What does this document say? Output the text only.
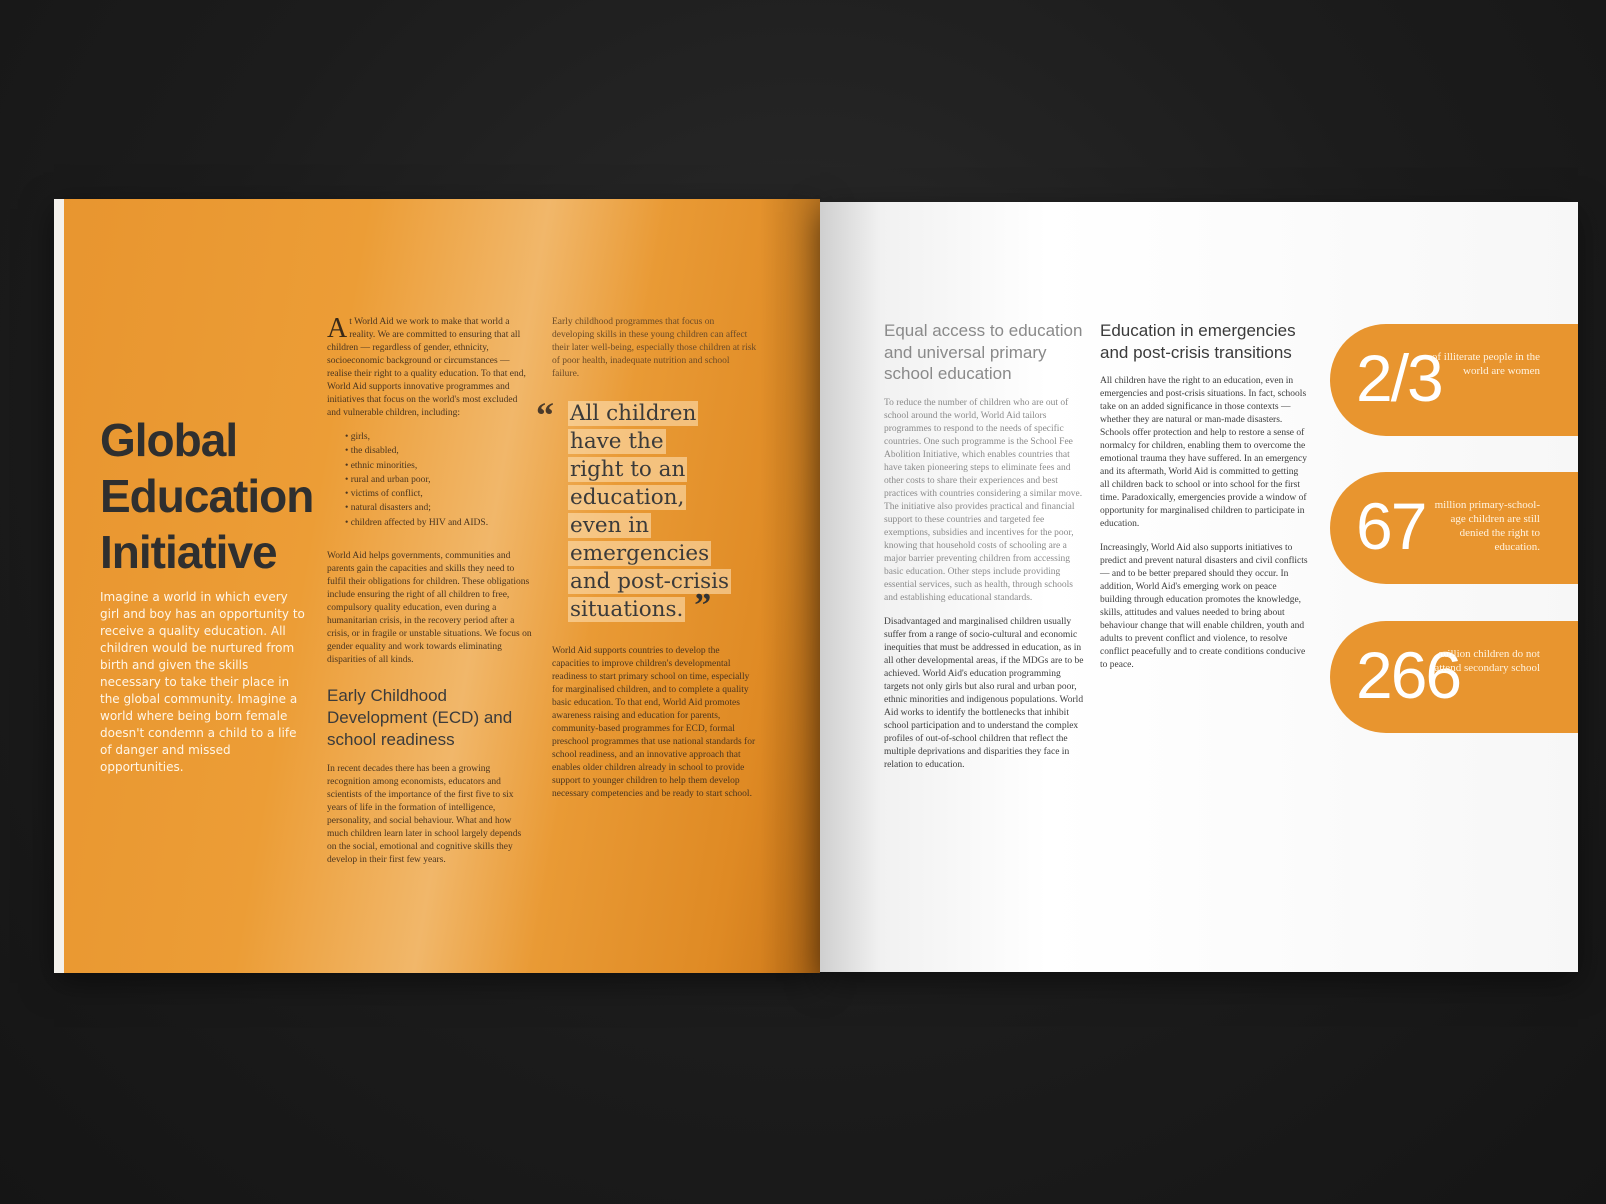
Global
Education
Initiative
Imagine a world in which every girl and boy has an opportunity to receive a quality education. All children would be nurtured from birth and given the skills necessary to take their place in the global community. Imagine a world where being born female doesn't condemn a child to a life of danger and missed opportunities.

At World Aid we work to make that world a reality. We are committed to ensuring that all children — regardless of gender, ethnicity, socioeconomic background or circumstances — realise their right to a quality education. To that end, World Aid supports innovative programmes and initiatives that focus on the world's most excluded and vulnerable children, including:

• girls,
• the disabled,
• ethnic minorities,
• rural and urban poor,
• victims of conflict,
• natural disasters and;
• children affected by HIV and AIDS.

World Aid helps governments, communities and parents gain the capacities and skills they need to fulfil their obligations for children. These obligations include ensuring the right of all children to free, compulsory quality education, even during a humanitarian crisis, in the recovery period after a crisis, or in fragile or unstable situations. We focus on gender equality and work towards eliminating disparities of all kinds.

Early Childhood Development (ECD) and school readiness

In recent decades there has been a growing recognition among economists, educators and scientists of the importance of the first five to six years of life in the formation of intelligence, personality, and social behaviour. What and how much children learn later in school largely depends on the social, emotional and cognitive skills they develop in their first few years.

Early childhood programmes that focus on developing skills in these young children can affect their later well-being, especially those children at risk of poor health, inadequate nutrition and school failure.

“ All children
have the
right to an
education,
even in
emergencies
and post-crisis
situations. ”

World Aid supports countries to develop the capacities to improve children's developmental readiness to start primary school on time, especially for marginalised children, and to complete a quality basic education. To that end, World Aid promotes awareness raising and education for parents, community-based programmes for ECD, formal preschool programmes that use national standards for school readiness, and an innovative approach that enables older children already in school to provide support to younger children to help them develop necessary competencies and be ready to start school.

Equal access to education and universal primary school education

To reduce the number of children who are out of school around the world, World Aid tailors programmes to respond to the needs of specific countries. One such programme is the School Fee Abolition Initiative, which enables countries that have taken pioneering steps to eliminate fees and other costs to share their experiences and best practices with countries considering a similar move. The initiative also provides practical and financial support to these countries and targeted fee exemptions, subsidies and incentives for the poor, knowing that household costs of schooling are a major barrier preventing children from accessing basic education. Other steps include providing essential services, such as health, through schools and establishing educational standards.

Disadvantaged and marginalised children usually suffer from a range of socio-cultural and economic inequities that must be addressed in education, as in all other developmental areas, if the MDGs are to be achieved. World Aid's education programming targets not only girls but also rural and urban poor, ethnic minorities and indigenous populations. World Aid works to identify the bottlenecks that inhibit school participation and to understand the complex profiles of out-of-school children that reflect the multiple deprivations and disparities they face in relation to education.

Education in emergencies and post-crisis transitions

All children have the right to an education, even in emergencies and post-crisis situations. In fact, schools take on an added significance in those contexts — whether they are natural or man-made disasters. Schools offer protection and help to restore a sense of normalcy for children, enabling them to overcome the emotional trauma they have suffered. In an emergency and its aftermath, World Aid is committed to getting all children back to school or into school for the first time. Paradoxically, emergencies provide a window of opportunity for marginalised children to participate in education.

Increasingly, World Aid also supports initiatives to predict and prevent natural disasters and civil conflicts — and to be better prepared should they occur. In addition, World Aid's emerging work on peace building through education promotes the knowledge, skills, attitudes and values needed to bring about behaviour change that will enable children, youth and adults to prevent conflict and violence, to resolve conflict peacefully and to create conditions conducive to peace.

2/3
of illiterate people in the world are women
67 million primary-school-age children are still denied the right to education.
266
million children do not attend secondary school
